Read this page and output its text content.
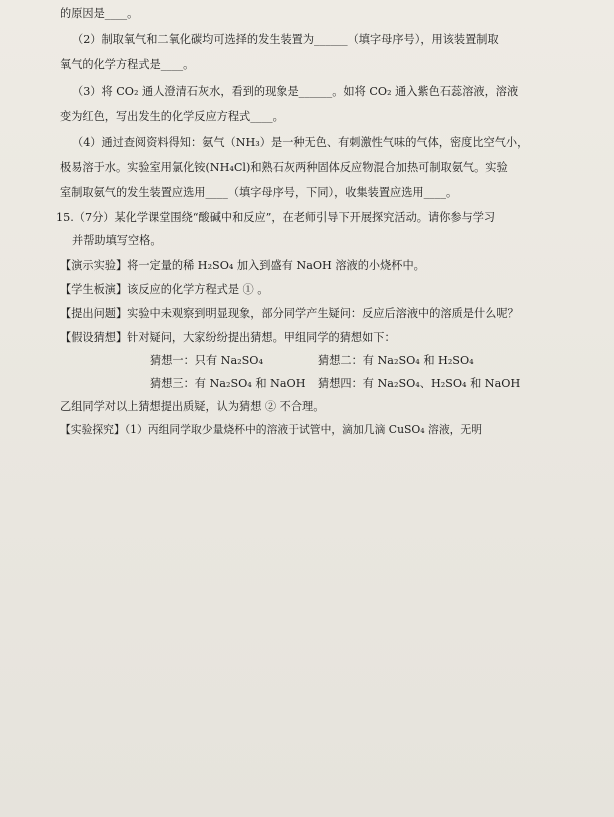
的原因是____。
（2）制取氧气和二氧化碳均可选择的发生装置为______（填字母序号），用该装置制取
氧气的化学方程式是____。
（3）将 CO₂ 通人澄清石灰水，看到的现象是______。如将 CO₂ 通入紫色石蕊溶液，溶液
变为红色，写出发生的化学反应方程式____。
（4）通过查阅资料得知：氨气（NH₃）是一种无色、有刺激性气味的气体，密度比空气小，
极易溶于水。实验室用氯化铵(NH₄Cl)和熟石灰两种固体反应物混合加热可制取氨气。实验
室制取氨气的发生装置应选用____（填字母序号，下同），收集装置应选用____。
15.（7分）某化学课堂围绕“酸碱中和反应”，在老师引导下开展探究活动。请你参与学习
并帮助填写空格。
【演示实验】将一定量的稀 H₂SO₄ 加入到盛有 NaOH 溶液的小烧杯中。
【学生板演】该反应的化学方程式是 ① 。
【提出问题】实验中未观察到明显现象，部分同学产生疑问：反应后溶液中的溶质是什么呢？
【假设猜想】针对疑问，大家纷纷提出猜想。甲组同学的猜想如下：
猜想一：只有 Na₂SO₄	猜想二：有 Na₂SO₄ 和 H₂SO₄
猜想三：有 Na₂SO₄ 和 NaOH 猜想四：有 Na₂SO₄、H₂SO₄ 和 NaOH
乙组同学对以上猜想提出质疑，认为猜想 ② 不合理。
【实验探究】（1）丙组同学取少量烧杯中的溶液于试管中，滴加几滴 CuSO₄ 溶液，无明
